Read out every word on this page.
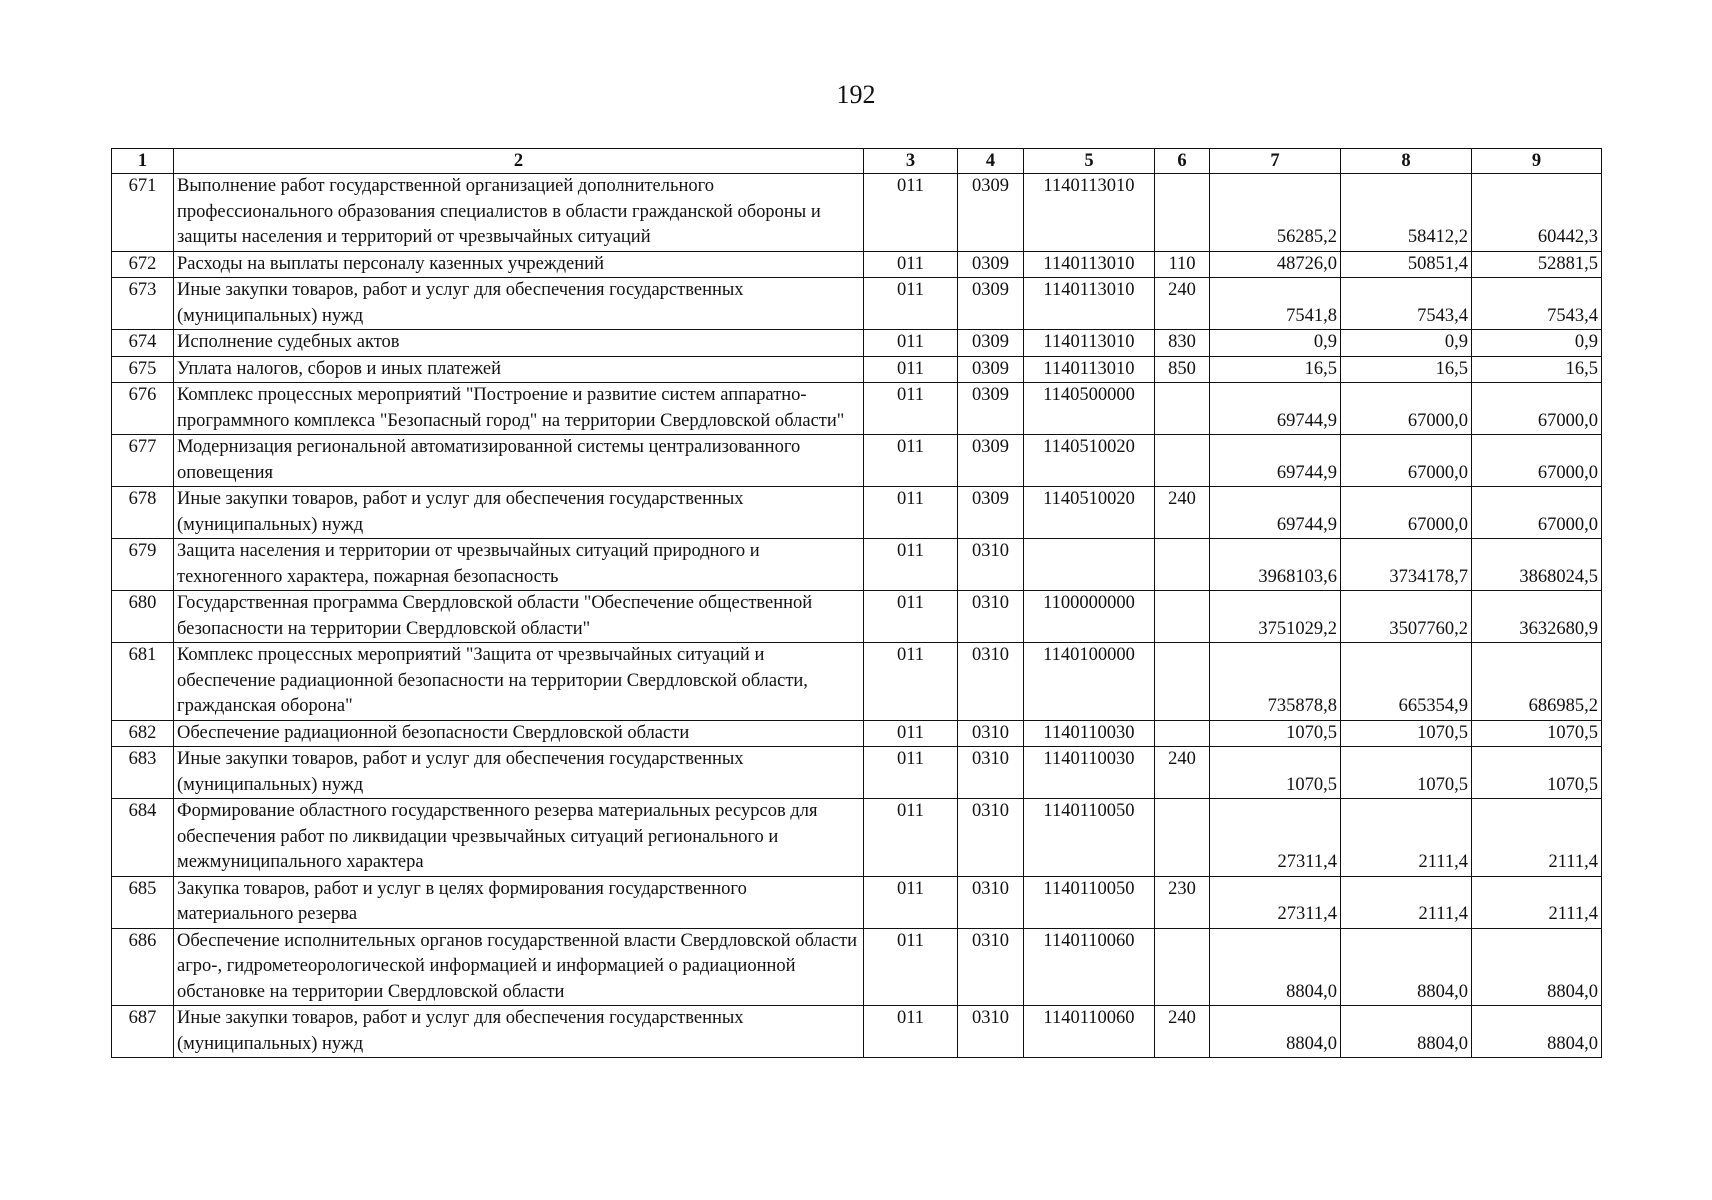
192
1	2	3	4	5	6	7	8	9
671	Выполнение работ государственной организацией дополнительного профессионального образования специалистов в области гражданской обороны и защиты населения и территорий от чрезвычайных ситуаций	011	0309	1140113010		56285,2	58412,2	60442,3
672	Расходы на выплаты персоналу казенных учреждений	011	0309	1140113010	110	48726,0	50851,4	52881,5
673	Иные закупки товаров, работ и услуг для обеспечения государственных (муниципальных) нужд	011	0309	1140113010	240	7541,8	7543,4	7543,4
674	Исполнение судебных актов	011	0309	1140113010	830	0,9	0,9	0,9
675	Уплата налогов, сборов и иных платежей	011	0309	1140113010	850	16,5	16,5	16,5
676	Комплекс процессных мероприятий "Построение и развитие систем аппаратно-программного комплекса "Безопасный город" на территории Свердловской области"	011	0309	1140500000		69744,9	67000,0	67000,0
677	Модернизация региональной автоматизированной системы централизованного оповещения	011	0309	1140510020		69744,9	67000,0	67000,0
678	Иные закупки товаров, работ и услуг для обеспечения государственных (муниципальных) нужд	011	0309	1140510020	240	69744,9	67000,0	67000,0
679	Защита населения и территории от чрезвычайных ситуаций природного и техногенного характера, пожарная безопасность	011	0310			3968103,6	3734178,7	3868024,5
680	Государственная программа Свердловской области "Обеспечение общественной безопасности на территории Свердловской области"	011	0310	1100000000		3751029,2	3507760,2	3632680,9
681	Комплекс процессных мероприятий "Защита от чрезвычайных ситуаций и обеспечение радиационной безопасности на территории Свердловской области, гражданская оборона"	011	0310	1140100000		735878,8	665354,9	686985,2
682	Обеспечение радиационной безопасности Свердловской области	011	0310	1140110030		1070,5	1070,5	1070,5
683	Иные закупки товаров, работ и услуг для обеспечения государственных (муниципальных) нужд	011	0310	1140110030	240	1070,5	1070,5	1070,5
684	Формирование областного государственного резерва материальных ресурсов для обеспечения работ по ликвидации чрезвычайных ситуаций регионального и межмуниципального характера	011	0310	1140110050		27311,4	2111,4	2111,4
685	Закупка товаров, работ и услуг в целях формирования государственного материального резерва	011	0310	1140110050	230	27311,4	2111,4	2111,4
686	Обеспечение исполнительных органов государственной власти Свердловской области агро-, гидрометеорологической информацией и информацией о радиационной обстановке на территории Свердловской области	011	0310	1140110060		8804,0	8804,0	8804,0
687	Иные закупки товаров, работ и услуг для обеспечения государственных (муниципальных) нужд	011	0310	1140110060	240	8804,0	8804,0	8804,0
